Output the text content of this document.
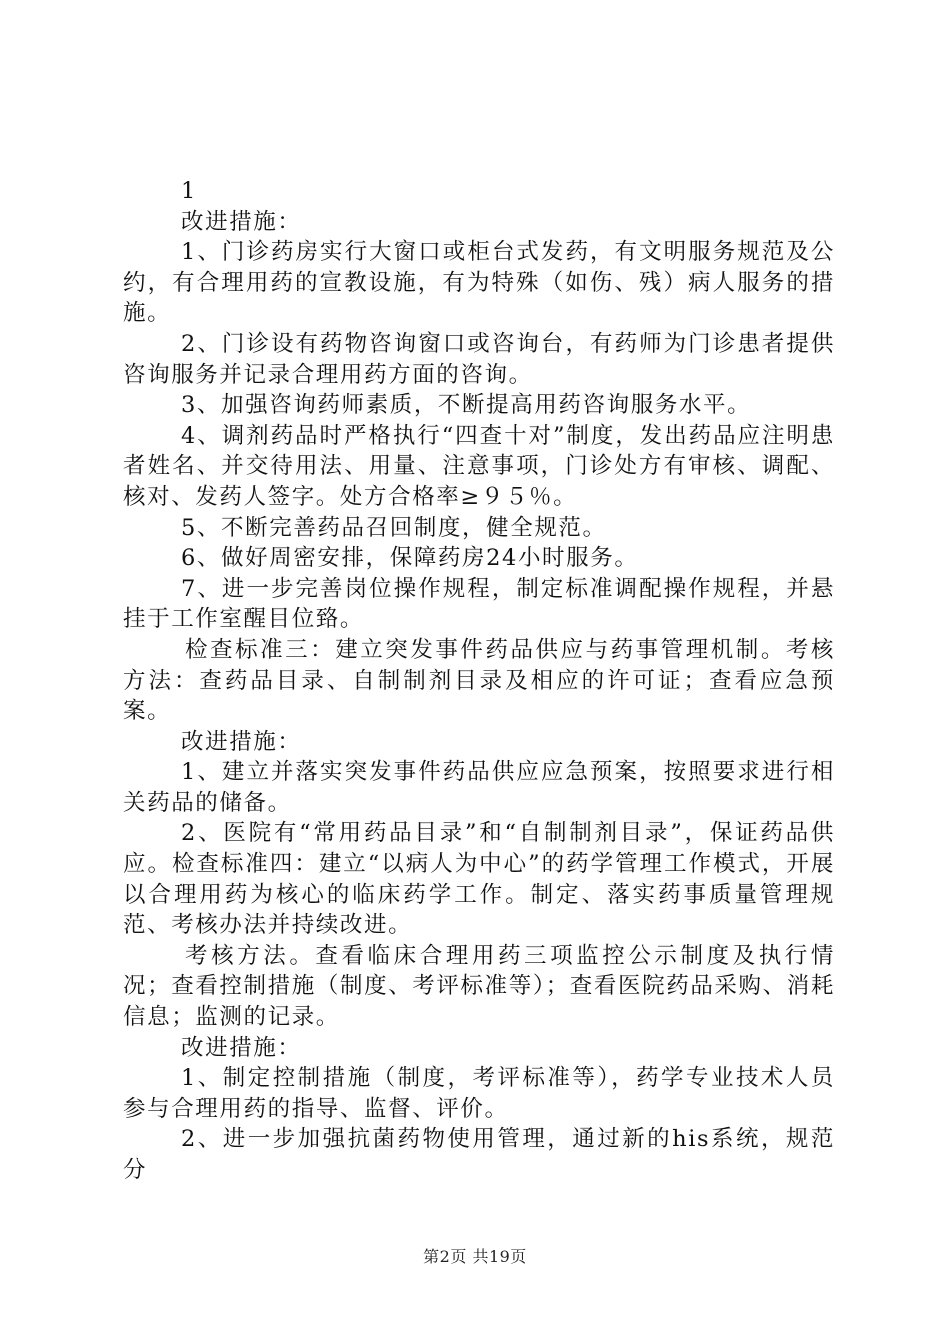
1

改进措施：

1、门诊药房实行大窗口或柜台式发药，有文明服务规范及公约，有合理用药的宣教设施，有为特殊（如伤、残）病人服务的措施。

2、门诊设有药物咨询窗口或咨询台，有药师为门诊患者提供咨询服务并记录合理用药方面的咨询。

3、加强咨询药师素质，不断提高用药咨询服务水平。

4、调剂药品时严格执行“四查十对”制度，发出药品应注明患者姓名、并交待用法、用量、注意事项，门诊处方有审核、调配、核对、发药人签字。处方合格率≥９５％。

5、不断完善药品召回制度，健全规范。

6、做好周密安排，保障药房24小时服务。

7、进一步完善岗位操作规程，制定标准调配操作规程，并悬挂于工作室醒目位臵。

检查标准三：建立突发事件药品供应与药事管理机制。考核方法：查药品目录、自制制剂目录及相应的许可证；查看应急预案。

改进措施：

1、建立并落实突发事件药品供应应急预案，按照要求进行相关药品的储备。

2、医院有“常用药品目录”和“自制制剂目录”，保证药品供应。检查标准四：建立“以病人为中心”的药学管理工作模式，开展以合理用药为核心的临床药学工作。制定、落实药事质量管理规范、考核办法并持续改进。

考核方法。查看临床合理用药三项监控公示制度及执行情况；查看控制措施（制度、考评标准等）；查看医院药品采购、消耗信息；监测的记录。

改进措施：

1、制定控制措施（制度，考评标准等），药学专业技术人员参与合理用药的指导、监督、评价。

2、进一步加强抗菌药物使用管理，通过新的his系统，规范分

第2页 共19页
